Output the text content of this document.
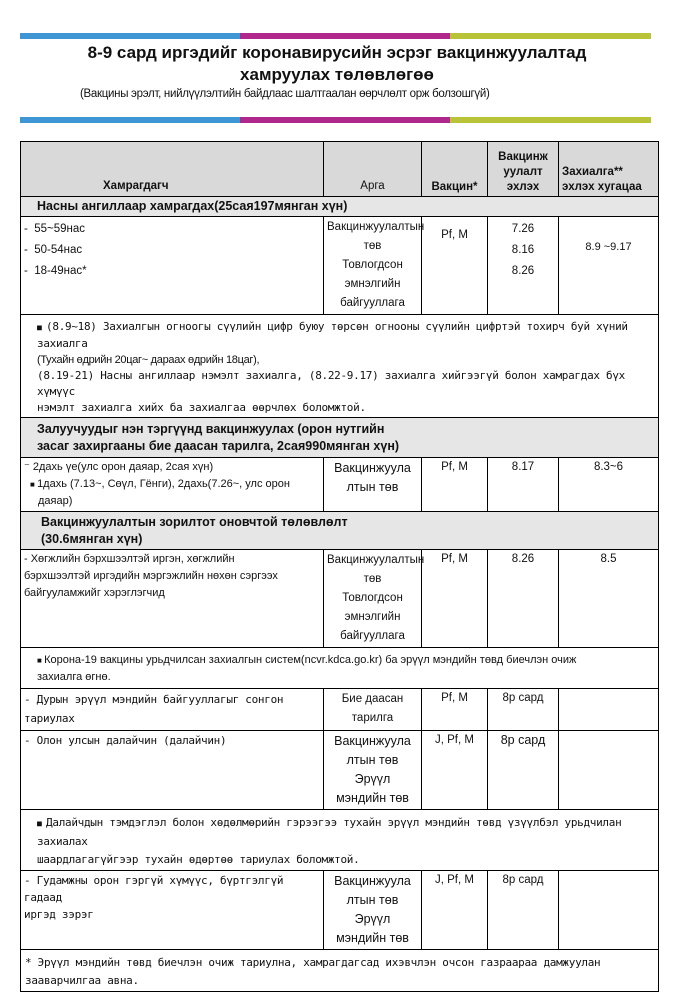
8-9 сард иргэдийг коронавирусийн эсрэг вакцинжуулалтад
хамруулах төлөвлөгөө
(Вакцины эрэлт, нийлүүлэлтийн байдлаас шалтгаалан өөрчлөлт орж болзошгүй)
Хамрагдагч	Арга	Вакцин*	Вакцинж
уулалт
эхлэх	Захиалга**
эхлэх хугацаа

Насны ангиллаар хамрагдах(25сая197мянган хүн)				

-  55~59нас
-  50-54нас
-  18-49нас*	Вакцинжуулалтын
төв
Товлогдсон
эмнэлгийн
байгууллага	Pf, M	7.26
8.16
8.26	8.9 ~9.17

■ (8.9~18) Захиалгын огноогы сүүлийн цифр буюу төрсөн огнооны сүүлийн цифртэй тохирч буй хүний захиалга
(Тухайн өдрийн 20цаг~ дараах өдрийн 18цаг),
(8.19-21) Насны ангиллаар нэмэлт захиалга, (8.22-9.17) захиалга хийгээгүй болон хамрагдах бүх хүмүүс
нэмэлт захиалга хийх ба захиалгаа өөрчлөх боломжтой.

Залуучуудыг нэн тэргүүнд вакцинжуулах (орон нутгийн
засаг захиргааны бие даасан тарилга, 2сая990мянган хүн)				

⁻ 2дахь үе(улс орон даяар, 2сая хүн)
■ 1дахь (7.13~, Сөүл, Гёнги), 2дахь(7.26~, улс орон
даяар)	Вакцинжуула
лтын төв	Pf, M	8.17	8.3~6

Вакцинжуулалтын зорилтот оновчтой төлөвлөлт
(30.6мянган хүн)				

- Хөгжлийн бэрхшээлтэй иргэн, хөгжлийн
бэрхшээлтэй иргэдийн мэргэжлийн нөхөн сэргээх
байгууламжийг хэрэглэгчид	Вакцинжуулалтын
төв
Товлогдсон
эмнэлгийн
байгууллага	Pf, M	8.26	8.5

■ Корона-19 вакцины урьдчилсан захиалгын систем(ncvr.kdca.go.kr) ба эрүүл мэндийн төвд биечлэн очиж
захиалга өгнө.

- Дурын эрүүл мэндийн байгууллагыг сонгон
тариулах	Бие даасан
тарилга	Pf, M	8р сард	
- Олон улсын далайчин (далайчин)	Вакцинжуула
лтын төв
Эрүүл
мэндийн төв	J, Pf, M	8р сард	

■ Далайчдын тэмдэглэл болон хөдөлмөрийн гэрээгээ тухайн эрүүл мэндийн төвд үзүүлбэл урьдчилан захиалах
шаардлагагүйгээр тухайн өдөртөө тариулах боломжтой.

- Гудамжны орон гэргүй хүмүүс, бүртгэлгүй гадаад
иргэд зэрэг	Вакцинжуула
лтын төв
Эрүүл
мэндийн төв	J, Pf, M	8р сард	

* Эрүүл мэндийн төвд биечлэн очиж тариулна, хамрагдагсад ихэвчлэн очсон газраараа дамжуулан
зааварчилгаа авна.				
